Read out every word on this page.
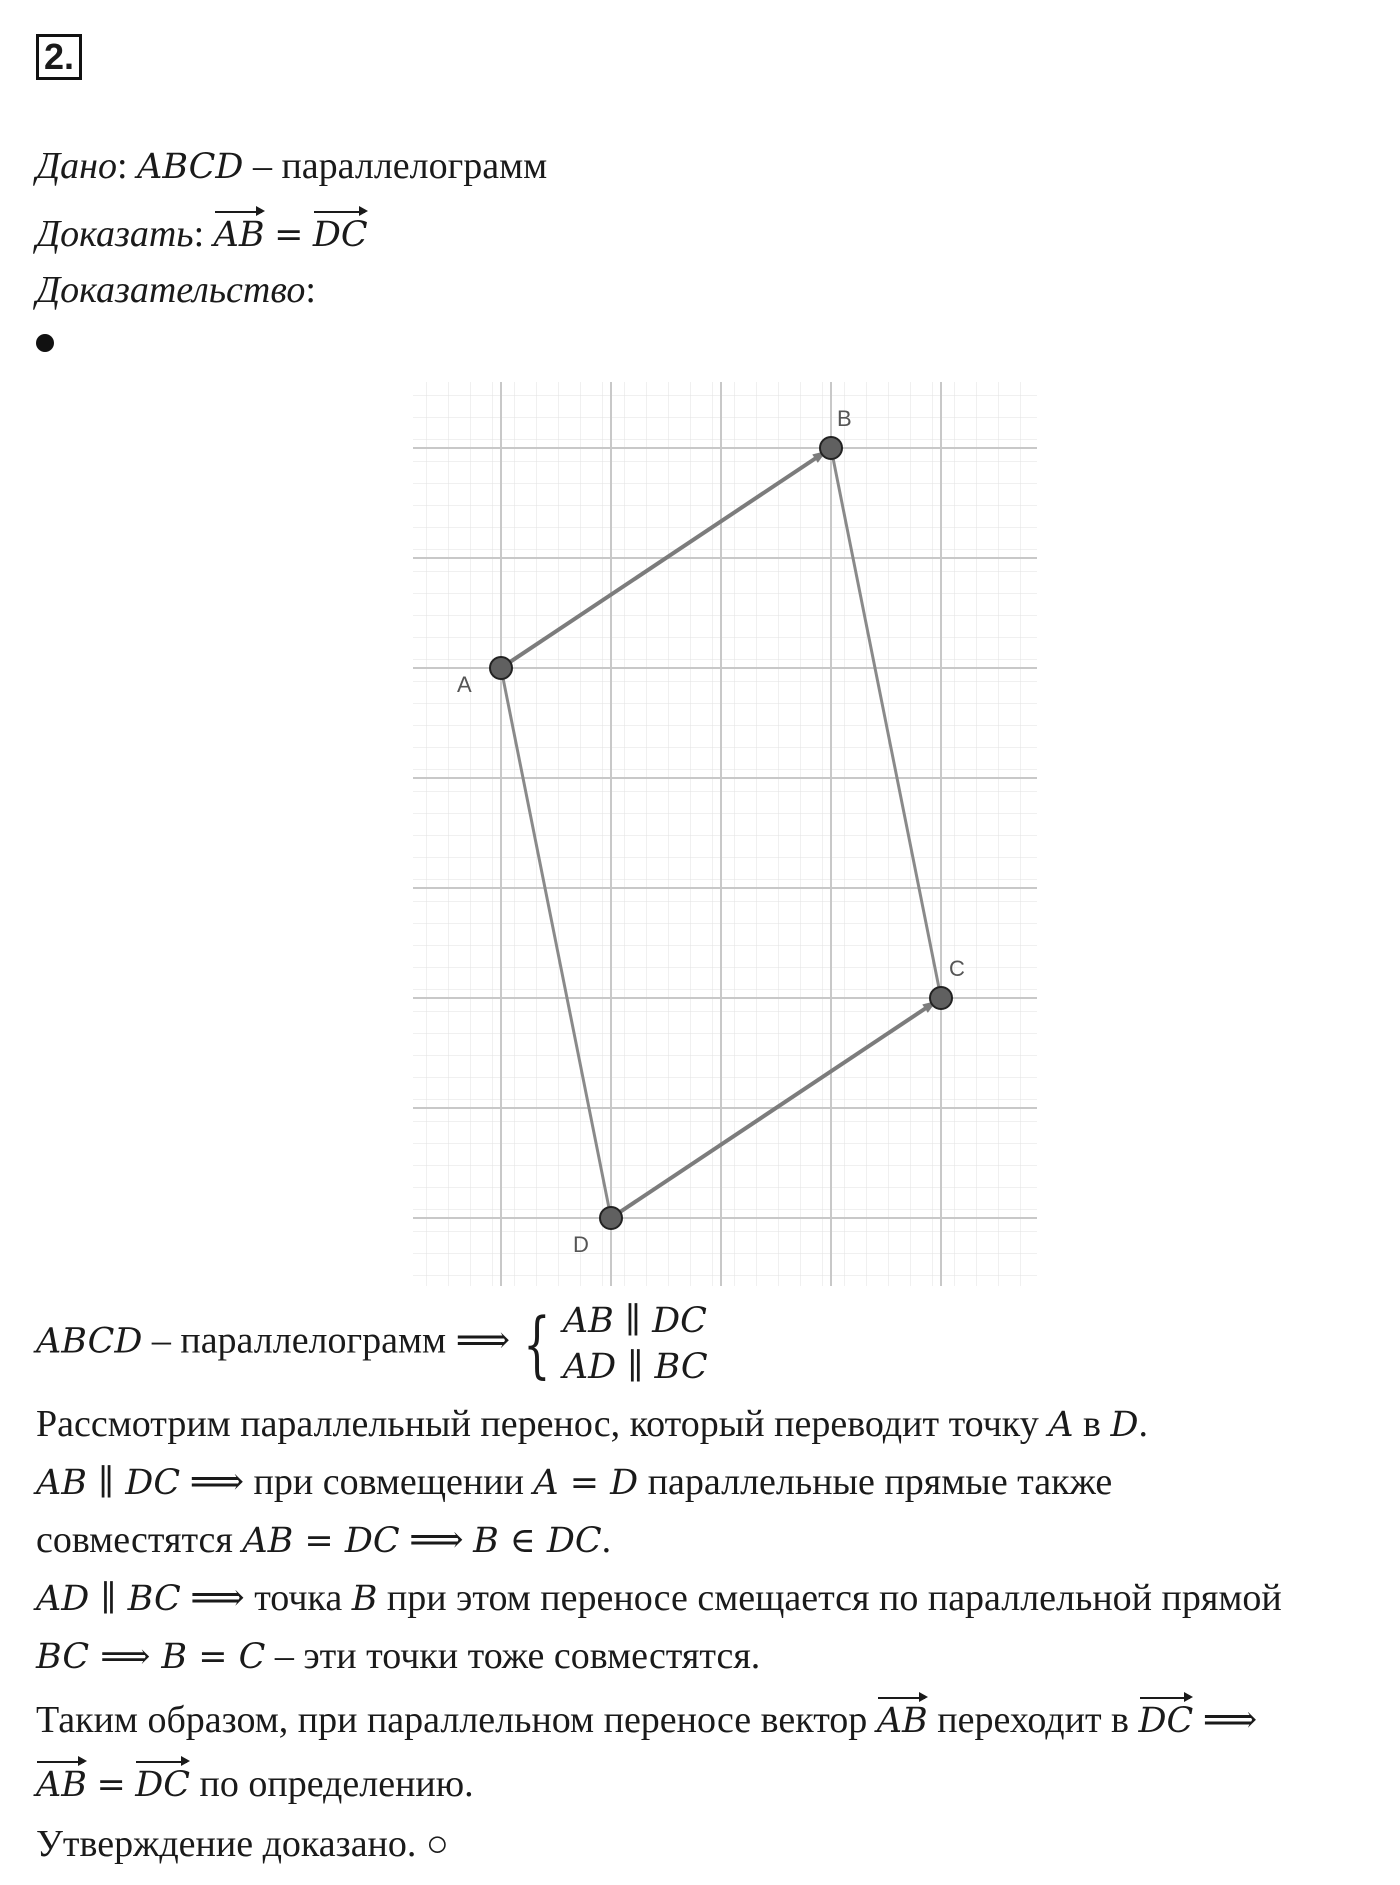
2.
Дано: ABCD – параллелограмм
Доказать: AB = DC
Доказательство:
A
B
C
D
ABCD – параллелограмм ⟹ { AB ∥ DC
AD ∥ BC
Рассмотрим параллельный перенос, который переводит точку A в D.
AB ∥ DC ⟹ при совмещении A = D параллельные прямые также
совместятся AB = DC ⟹ B ∈ DC.
AD ∥ BC ⟹ точка B при этом переносе смещается по параллельной прямой
BC ⟹ B = C – эти точки тоже совместятся.
Таким образом, при параллельном переносе вектор AB переходит в DC ⟹
AB = DC по определению.
Утверждение доказано. ○
